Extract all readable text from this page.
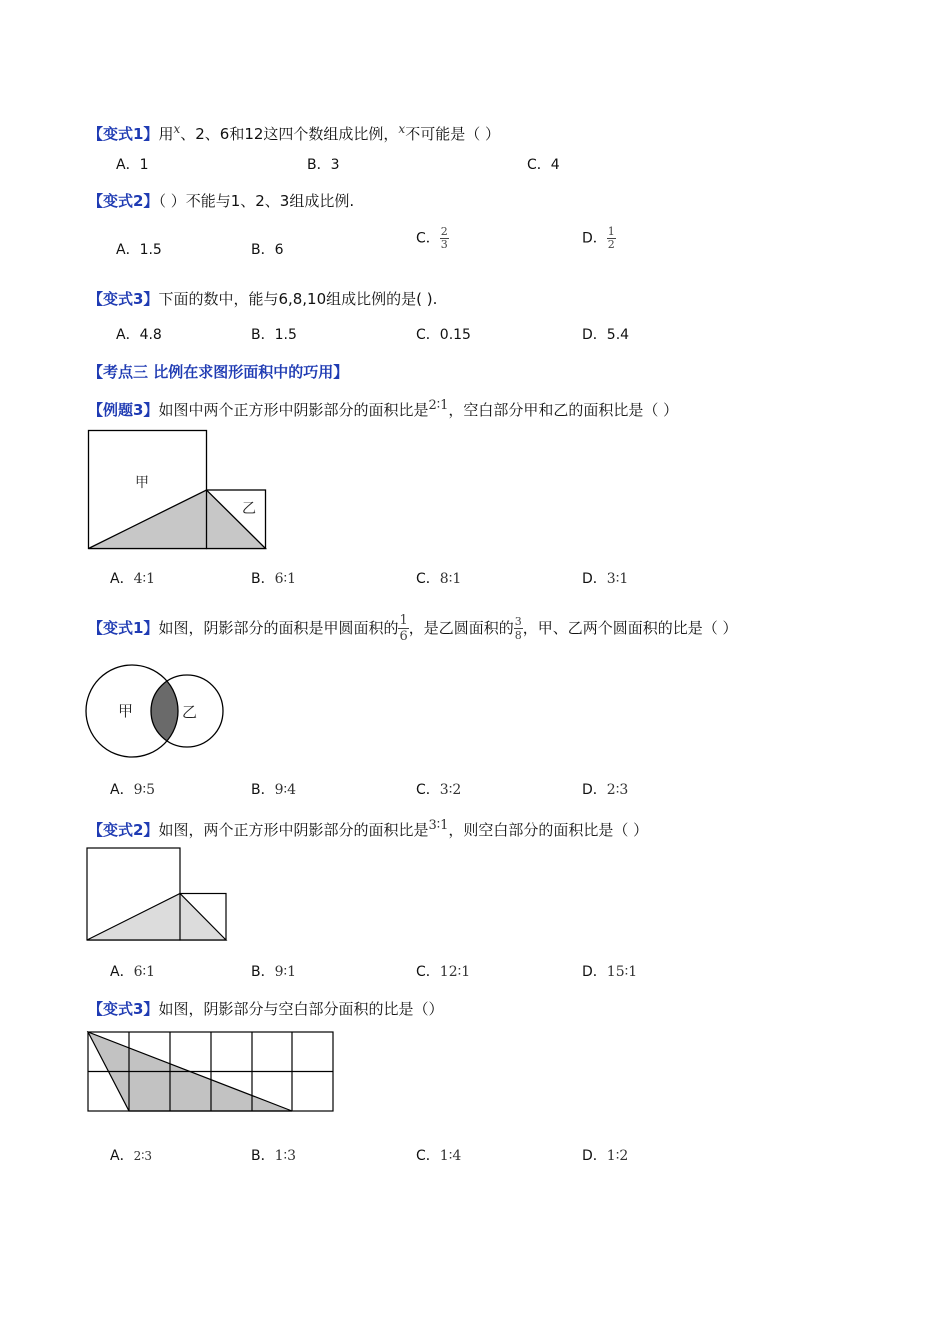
【变式1】用$^x$、2、6和12这四个数组成比例，$^x$不可能是（ ）
A．1	B．3	C．4
【变式2】（ ）不能与1、2、3组成比例.
A．1.5	B．6
C． $\frac{2}{3}$	D． $\frac{1}{2}$
【变式3】下面的数中，能与6,8,10组成比例的是( ).
A．4.8	B．1.5	C．0.15	D．5.4
【考点三 比例在求图形面积中的巧用】
【例题3】如图中两个正方形中阴影部分的面积比是2∶1，空白部分甲和乙的面积比是（ ）
甲
乙
A．4∶1	B．6∶1	C．8∶1	D．3∶1
【变式1】如图，阴影部分的面积是甲圆面积的 $\frac{1}{6}$ ，是乙圆面积的 $\frac{3}{8}$ ，甲、乙两个圆面积的比是（ ）
甲	乙
A．9∶5	B．9∶4	C．3∶2	D．2∶3
【变式2】如图，两个正方形中阴影部分的面积比是3∶1，则空白部分的面积比是（ ）
A．6∶1	B．9∶1	C．12∶1	D．15∶1
【变式3】如图，阴影部分与空白部分面积的比是（）
A．2∶3	B．1∶3	C．1∶4	D．1∶2
